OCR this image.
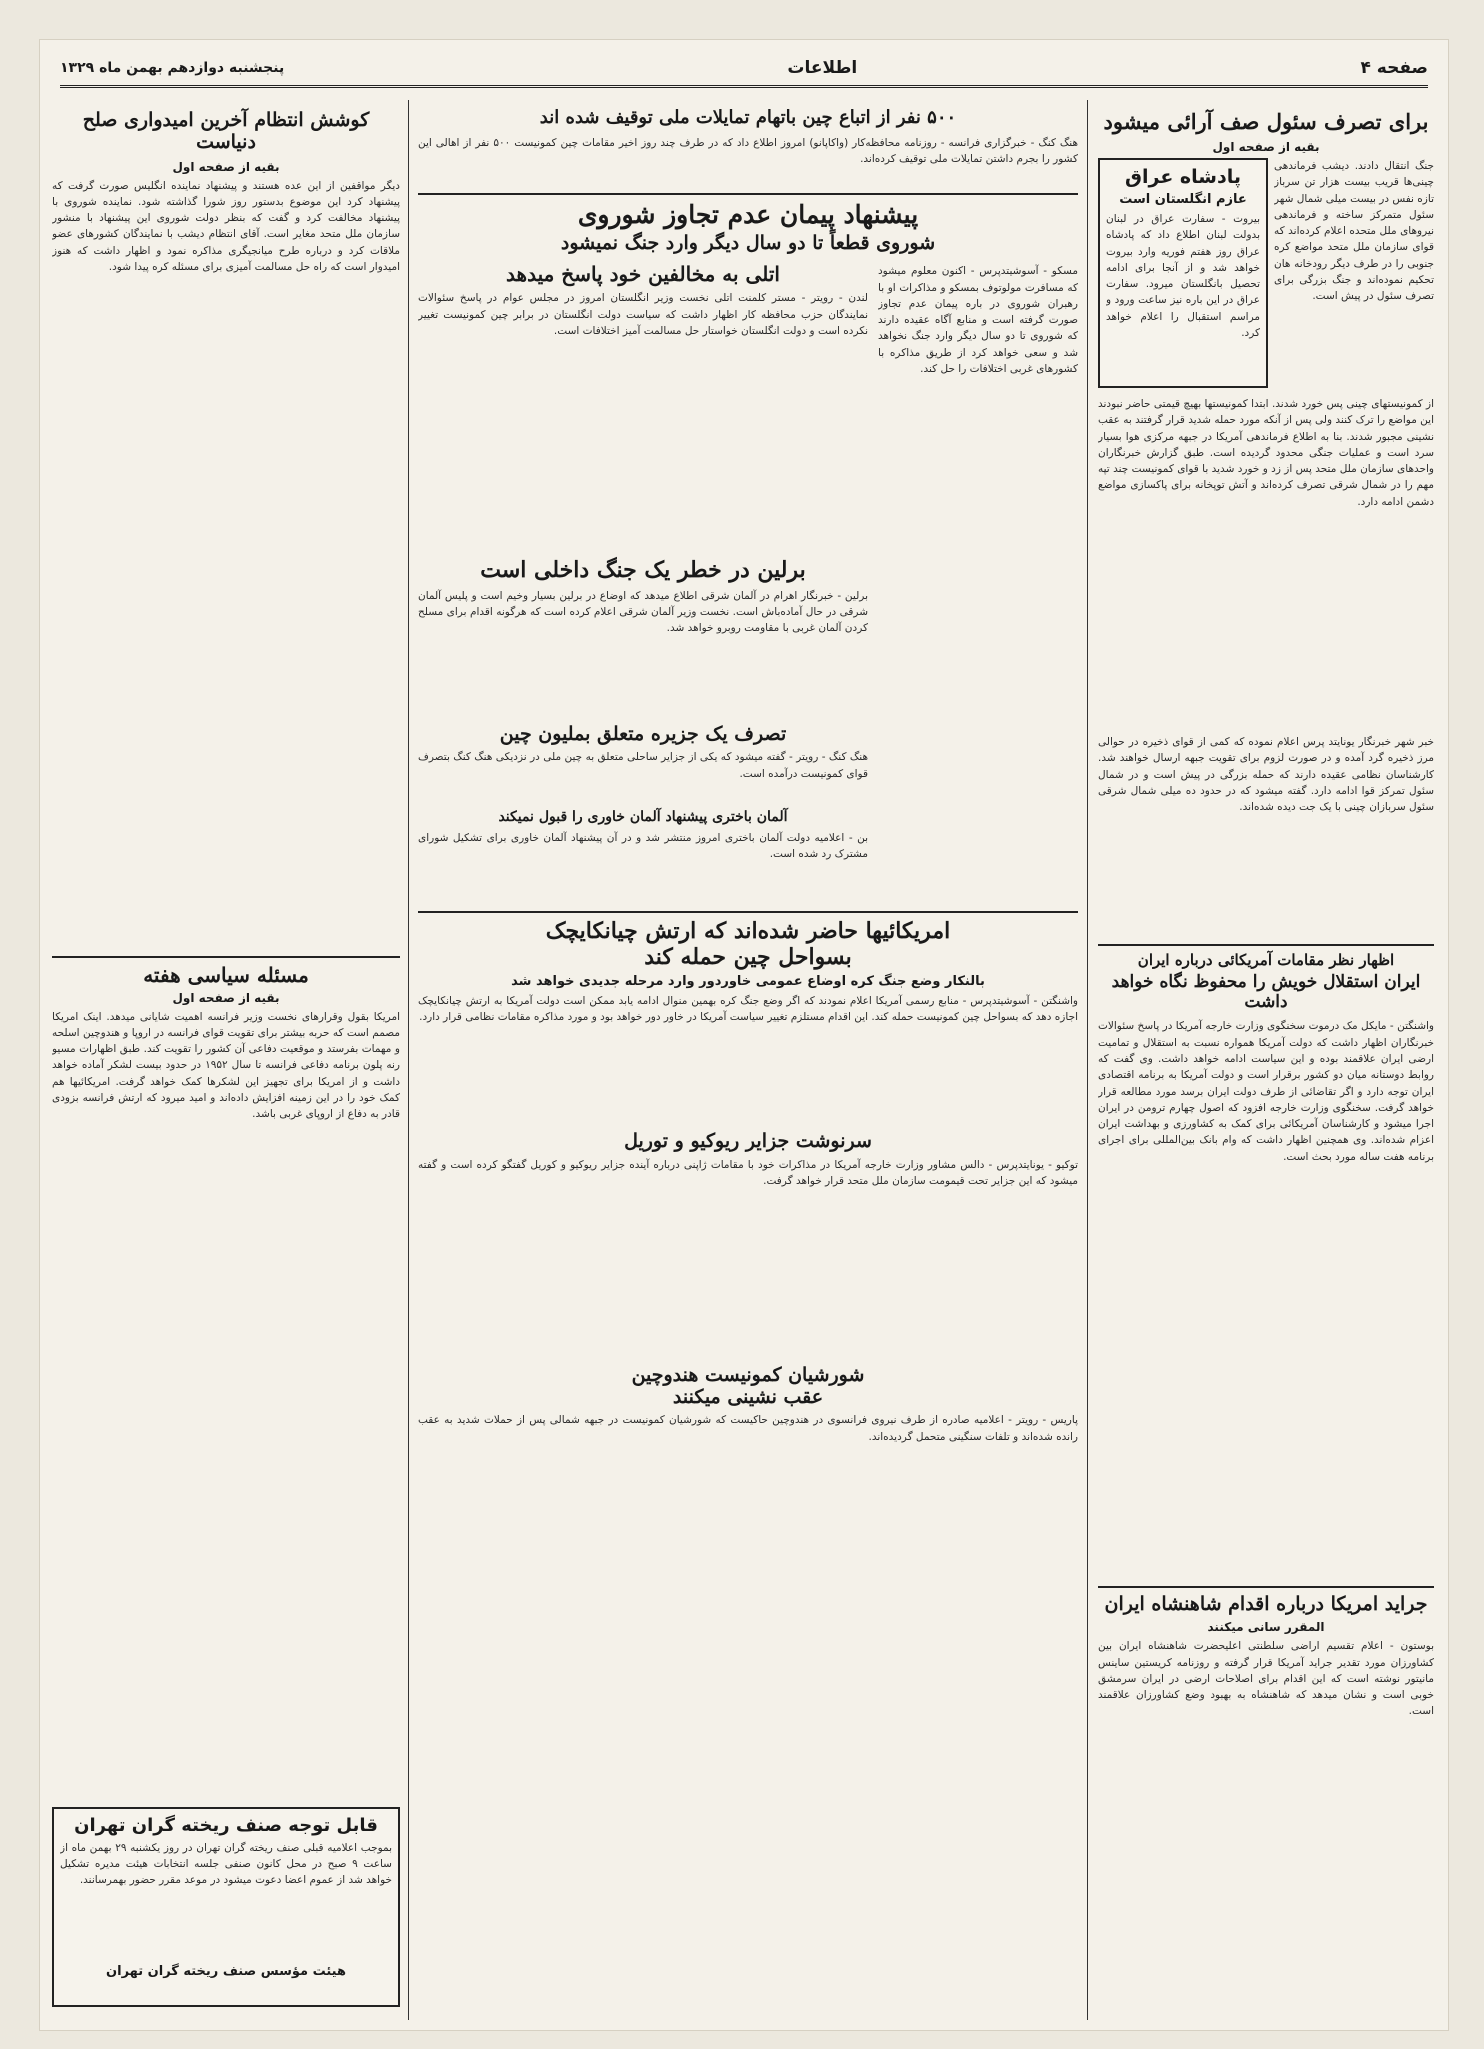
صفحه ۴
اطلاعات
پنجشنبه دوازدهم بهمن ماه ۱۳۲۹
برای تصرف سئول صف آرائی میشود
بقیه از صفحه اول
جنگ انتقال دادند. دیشب فرماندهی چینی‌ها قریب بیست هزار تن سرباز تازه نفس در بیست میلی شمال شهر سئول متمرکز ساخته و فرماندهی نیروهای ملل متحده اعلام کرده‌اند که قوای سازمان ملل متحد مواضع کره جنوبی را در طرف دیگر رودخانه هان تحکیم نموده‌اند و جنگ بزرگی برای تصرف سئول در پیش است.
پادشاه عراق
عازم انگلستان است
بیروت - سفارت عراق در لبنان بدولت لبنان اطلاع داد که پادشاه عراق روز هفتم فوریه وارد بیروت خواهد شد و از آنجا برای ادامه تحصیل بانگلستان میرود. سفارت عراق در این باره نیز ساعت ورود و مراسم استقبال را اعلام خواهد کرد.
از کمونیستهای چینی پس خورد شدند. ابتدا کمونیستها بهیچ قیمتی حاضر نبودند این مواضع را ترک کنند ولی پس از آنکه مورد حمله شدید قرار گرفتند به عقب نشینی مجبور شدند. بنا به اطلاع فرماندهی آمریکا در جبهه مرکزی هوا بسیار سرد است و عملیات جنگی محدود گردیده است. طبق گزارش خبرنگاران واحدهای سازمان ملل متحد پس از زد و خورد شدید با قوای کمونیست چند تپه مهم را در شمال شرقی تصرف کرده‌اند و آتش توپخانه برای پاکسازی مواضع دشمن ادامه دارد.
خبر شهر خبرنگار یونایتد پرس اعلام نموده که کمی از قوای ذخیره در حوالی مرز ذخیره گرد آمده و در صورت لزوم برای تقویت جبهه ارسال خواهند شد. کارشناسان نظامی عقیده دارند که حمله بزرگی در پیش است و در شمال سئول تمرکز قوا ادامه دارد. گفته میشود که در حدود ده میلی شمال شرقی سئول سربازان چینی با یک جت دیده شده‌اند.
اظهار نظر مقامات آمریکائی درباره ایران
ایران استقلال خویش را محفوظ نگاه خواهد داشت
واشنگتن - مایکل مک درموت سخنگوی وزارت خارجه آمریکا در پاسخ سئوالات خبرنگاران اظهار داشت که دولت آمریکا همواره نسبت به استقلال و تمامیت ارضی ایران علاقمند بوده و این سیاست ادامه خواهد داشت. وی گفت که روابط دوستانه میان دو کشور برقرار است و دولت آمریکا به برنامه اقتصادی ایران توجه دارد و اگر تقاضائی از طرف دولت ایران برسد مورد مطالعه قرار خواهد گرفت. سخنگوی وزارت خارجه افزود که اصول چهارم ترومن در ایران اجرا میشود و کارشناسان آمریکائی برای کمک به کشاورزی و بهداشت ایران اعزام شده‌اند. وی همچنین اظهار داشت که وام بانک بین‌المللی برای اجرای برنامه هفت ساله مورد بحث است.
جراید امریکا درباره اقدام شاهنشاه ایران
المقرر سانی میکنند
بوستون - اعلام تقسیم اراضی سلطنتی اعلیحضرت شاهنشاه ایران بین کشاورزان مورد تقدیر جراید آمریکا قرار گرفته و روزنامه کریستین ساینس مانیتور نوشته است که این اقدام برای اصلاحات ارضی در ایران سرمشق خوبی است و نشان میدهد که شاهنشاه به بهبود وضع کشاورزان علاقمند است.
۵۰۰ نفر از اتباع چین باتهام تمایلات ملی توقیف شده اند
هنگ کنگ - خبرگزاری فرانسه - روزنامه محافظه‌کار (واکاپانو) امروز اطلاع داد که در طرف چند روز اخیر مقامات چین کمونیست ۵۰۰ نفر از اهالی این کشور را بجرم داشتن تمایلات ملی توقیف کرده‌اند.
پیشنهاد پیمان عدم تجاوز شوروی
شوروی قطعاً تا دو سال دیگر وارد جنگ نمیشود
مسکو - آسوشیتدپرس - اکنون معلوم میشود که مسافرت مولوتوف بمسکو و مذاکرات او با رهبران شوروی در باره پیمان عدم تجاوز صورت گرفته است و منابع آگاه عقیده دارند که شوروی تا دو سال دیگر وارد جنگ نخواهد شد و سعی خواهد کرد از طریق مذاکره با کشورهای غربی اختلافات را حل کند.
اتلی به مخالفین خود پاسخ میدهد
لندن - رویتر - مستر کلمنت اتلی نخست وزیر انگلستان امروز در مجلس عوام در پاسخ سئوالات نمایندگان حزب محافظه کار اظهار داشت که سیاست دولت انگلستان در برابر چین کمونیست تغییر نکرده است و دولت انگلستان خواستار حل مسالمت آمیز اختلافات است.
برلین در خطر یک جنگ داخلی است
برلین - خبرنگار اهرام در آلمان شرقی اطلاع میدهد که اوضاع در برلین بسیار وخیم است و پلیس آلمان شرقی در حال آماده‌باش است. نخست وزیر آلمان شرقی اعلام کرده است که هرگونه اقدام برای مسلح کردن آلمان غربی با مقاومت روبرو خواهد شد.
تصرف یک جزیره متعلق بمليون چين
هنگ کنگ - رویتر - گفته میشود که یکی از جزایر ساحلی متعلق به چین ملی در نزدیکی هنگ کنگ بتصرف قوای کمونیست درآمده است.
آلمان باختری پیشنهاد آلمان خاوری را قبول نمیکند
بن - اعلامیه دولت آلمان باختری امروز منتشر شد و در آن پیشنهاد آلمان خاوری برای تشکیل شورای مشترک رد شده است.
امریکائیها حاضر شده‌اند که ارتش چیانکایچک
بسواحل چین حمله کند
بالنکار وضع جنگ کره اوضاع عمومی خاوردور وارد مرحله جدیدی خواهد شد
واشنگتن - آسوشیتدپرس - منابع رسمی آمریکا اعلام نمودند که اگر وضع جنگ کره بهمین منوال ادامه یابد ممکن است دولت آمریکا به ارتش چیانکایچک اجازه دهد که بسواحل چین کمونیست حمله کند. این اقدام مستلزم تغییر سیاست آمریکا در خاور دور خواهد بود و مورد مذاکره مقامات نظامی قرار دارد.
سرنوشت جزایر ریوکیو و توریل
توکیو - یونایتدپرس - دالس مشاور وزارت خارجه آمریکا در مذاکرات خود با مقامات ژاپنی درباره آینده جزایر ریوکیو و کوریل گفتگو کرده است و گفته میشود که این جزایر تحت قیمومت سازمان ملل متحد قرار خواهد گرفت.
شورشیان کمونیست هندوچین
عقب نشینی میکنند
پاریس - رویتر - اعلامیه صادره از طرف نیروی فرانسوی در هندوچین حاکیست که شورشیان کمونیست در جبهه شمالی پس از حملات شدید به عقب رانده شده‌اند و تلفات سنگینی متحمل گردیده‌اند.
کوشش انتظام آخرین امیدواری صلح دنیاست
بقیه از صفحه اول
دیگر مواقفین از این عده هستند و پیشنهاد نماینده انگلیس صورت گرفت که پیشنهاد کرد این موضوع بدستور روز شورا گذاشته شود. نماینده شوروی با پیشنهاد مخالفت کرد و گفت که بنظر دولت شوروی این پیشنهاد با منشور سازمان ملل متحد مغایر است. آقای انتظام دیشب با نمایندگان کشورهای عضو ملاقات کرد و درباره طرح میانجیگری مذاکره نمود و اظهار داشت که هنوز امیدوار است که راه حل مسالمت آمیزی برای مسئله کره پیدا شود.
مسئله سیاسی هفته
بقیه از صفحه اول
امریکا بقول وقرارهای نخست وزیر فرانسه اهمیت شایانی میدهد. اینک امریکا مصمم است که حربه بیشتر برای تقویت قوای فرانسه در اروپا و هندوچین اسلحه و مهمات بفرستد و موقعیت دفاعی آن کشور را تقویت کند. طبق اظهارات مسیو رنه پلون برنامه دفاعی فرانسه تا سال ۱۹۵۲ در حدود بیست لشکر آماده خواهد داشت و از امریکا برای تجهیز این لشکرها کمک خواهد گرفت. امریکائیها هم کمک خود را در این زمینه افزایش داده‌اند و امید میرود که ارتش فرانسه بزودی قادر به دفاع از اروپای غربی باشد.
قابل توجه صنف ریخته گران تهران
بموجب اعلامیه قبلی صنف ریخته گران تهران در روز یکشنبه ۲۹ بهمن ماه از ساعت ۹ صبح در محل کانون صنفی جلسه انتخابات هیئت مدیره تشکیل خواهد شد از عموم اعضا دعوت میشود در موعد مقرر حضور بهمرسانند.
هیئت مؤسس صنف ریخته گران تهران
